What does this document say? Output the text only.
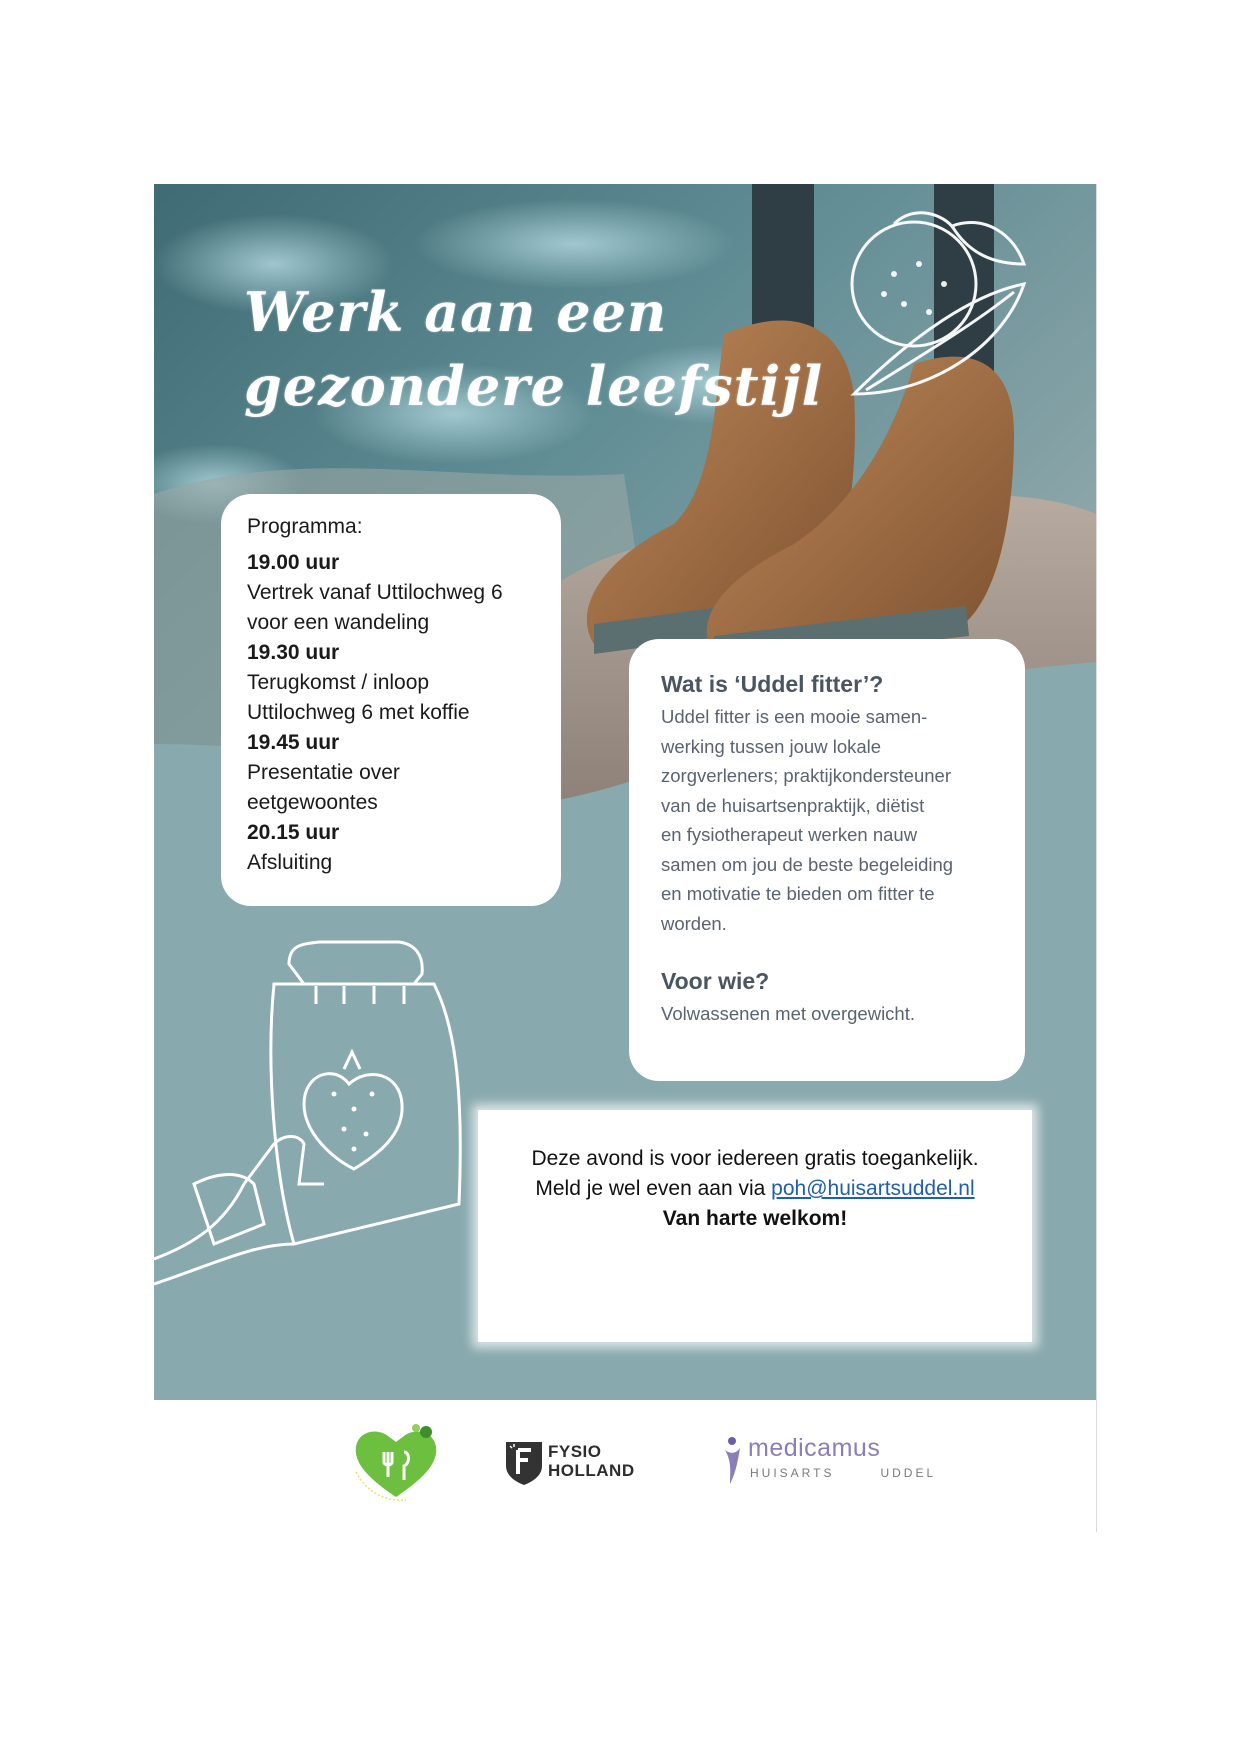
Werk aan een
gezondere leefstijl
Programma:
19.00 uur
Vertrek vanaf Uttilochweg 6
voor een wandeling
19.30 uur
Terugkomst / inloop
Uttilochweg 6 met koffie
19.45 uur
Presentatie over
eetgewoontes
20.15 uur
Afsluiting
Wat is ‘Uddel fitter’?

Uddel fitter is een mooie samen-

werking tussen jouw lokale

zorgverleners; praktijkondersteuner

van de huisartsenpraktijk, diëtist

en fysiotherapeut werken nauw

samen om jou de beste begeleiding

en motivatie te bieden om fitter te

worden.

Voor wie?

Volwassenen met overgewicht.

Deze avond is voor iedereen gratis toegankelijk.
Meld je wel even aan via poh@huisartsuddel.nl
Van harte welkom!
FYSIO
HOLLAND
medicamus
HUISARTS	UDDEL
